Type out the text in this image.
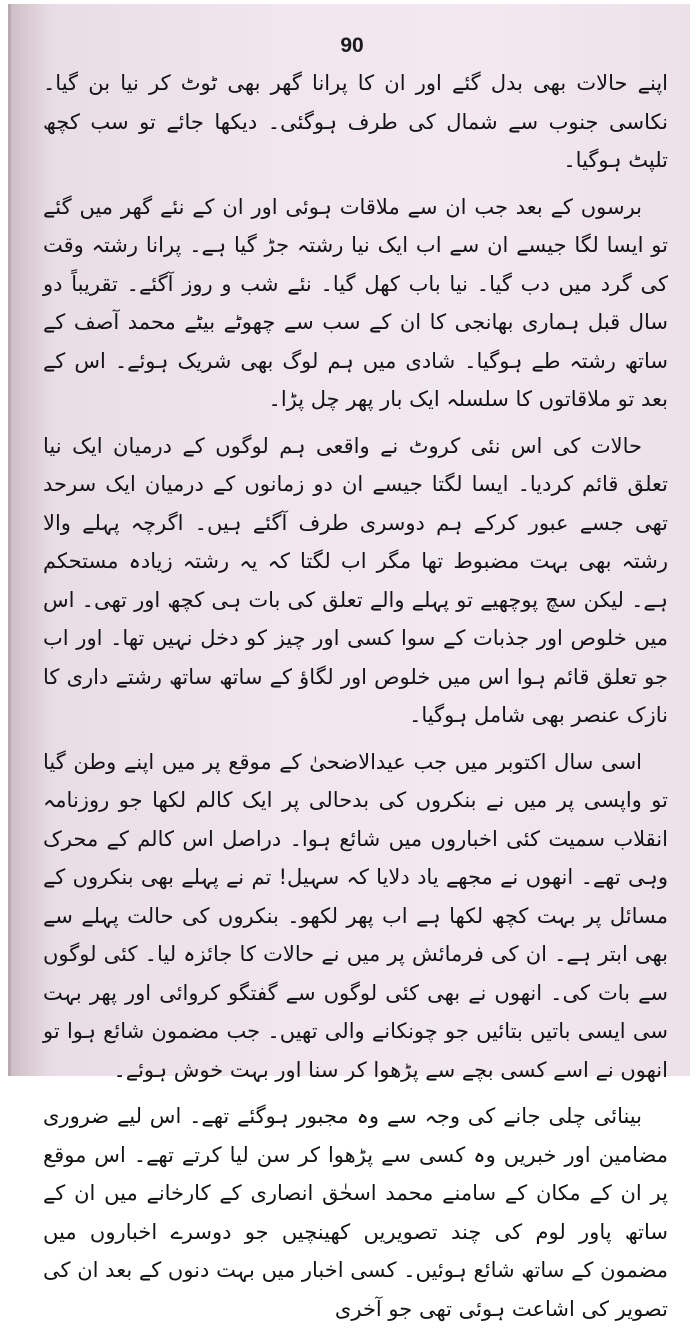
90

اپنے حالات بھی بدل گئے اور ان کا پرانا گھر بھی ٹوٹ کر نیا بن گیا۔ نکاسی جنوب سے شمال کی طرف ہوگئی۔ دیکھا جائے تو سب کچھ تلپٹ ہوگیا۔

برسوں کے بعد جب ان سے ملاقات ہوئی اور ان کے نئے گھر میں گئے تو ایسا لگا جیسے ان سے اب ایک نیا رشتہ جڑ گیا ہے۔ پرانا رشتہ وقت کی گرد میں دب گیا۔ نیا باب کھل گیا۔ نئے شب و روز آگئے۔ تقریباً دو سال قبل ہماری بھانجی کا ان کے سب سے چھوٹے بیٹے محمد آصف کے ساتھ رشتہ طے ہوگیا۔ شادی میں ہم لوگ بھی شریک ہوئے۔ اس کے بعد تو ملاقاتوں کا سلسلہ ایک بار پھر چل پڑا۔

حالات کی اس نئی کروٹ نے واقعی ہم لوگوں کے درمیان ایک نیا تعلق قائم کردیا۔ ایسا لگتا جیسے ان دو زمانوں کے درمیان ایک سرحد تھی جسے عبور کرکے ہم دوسری طرف آگئے ہیں۔ اگرچہ پہلے والا رشتہ بھی بہت مضبوط تھا مگر اب لگتا کہ یہ رشتہ زیادہ مستحکم ہے۔ لیکن سچ پوچھیے تو پہلے والے تعلق کی بات ہی کچھ اور تھی۔ اس میں خلوص اور جذبات کے سوا کسی اور چیز کو دخل نہیں تھا۔ اور اب جو تعلق قائم ہوا اس میں خلوص اور لگاؤ کے ساتھ ساتھ رشتے داری کا نازک عنصر بھی شامل ہوگیا۔

اسی سال اکتوبر میں جب عیدالاضحیٰ کے موقع پر میں اپنے وطن گیا تو واپسی پر میں نے بنکروں کی بدحالی پر ایک کالم لکھا جو روزنامہ انقلاب سمیت کئی اخباروں میں شائع ہوا۔ دراصل اس کالم کے محرک وہی تھے۔ انھوں نے مجھے یاد دلایا کہ سہیل! تم نے پہلے بھی بنکروں کے مسائل پر بہت کچھ لکھا ہے اب پھر لکھو۔ بنکروں کی حالت پہلے سے بھی ابتر ہے۔ ان کی فرمائش پر میں نے حالات کا جائزہ لیا۔ کئی لوگوں سے بات کی۔ انھوں نے بھی کئی لوگوں سے گفتگو کروائی اور پھر بہت سی ایسی باتیں بتائیں جو چونکانے والی تھیں۔ جب مضمون شائع ہوا تو انھوں نے اسے کسی بچے سے پڑھوا کر سنا اور بہت خوش ہوئے۔

بینائی چلی جانے کی وجہ سے وہ مجبور ہوگئے تھے۔ اس لیے ضروری مضامین اور خبریں وہ کسی سے پڑھوا کر سن لیا کرتے تھے۔ اس موقع پر ان کے مکان کے سامنے محمد اسحٰق انصاری کے کارخانے میں ان کے ساتھ پاور لوم کی چند تصویریں کھینچیں جو دوسرے اخباروں میں مضمون کے ساتھ شائع ہوئیں۔ کسی اخبار میں بہت دنوں کے بعد ان کی تصویر کی اشاعت ہوئی تھی جو آخری
